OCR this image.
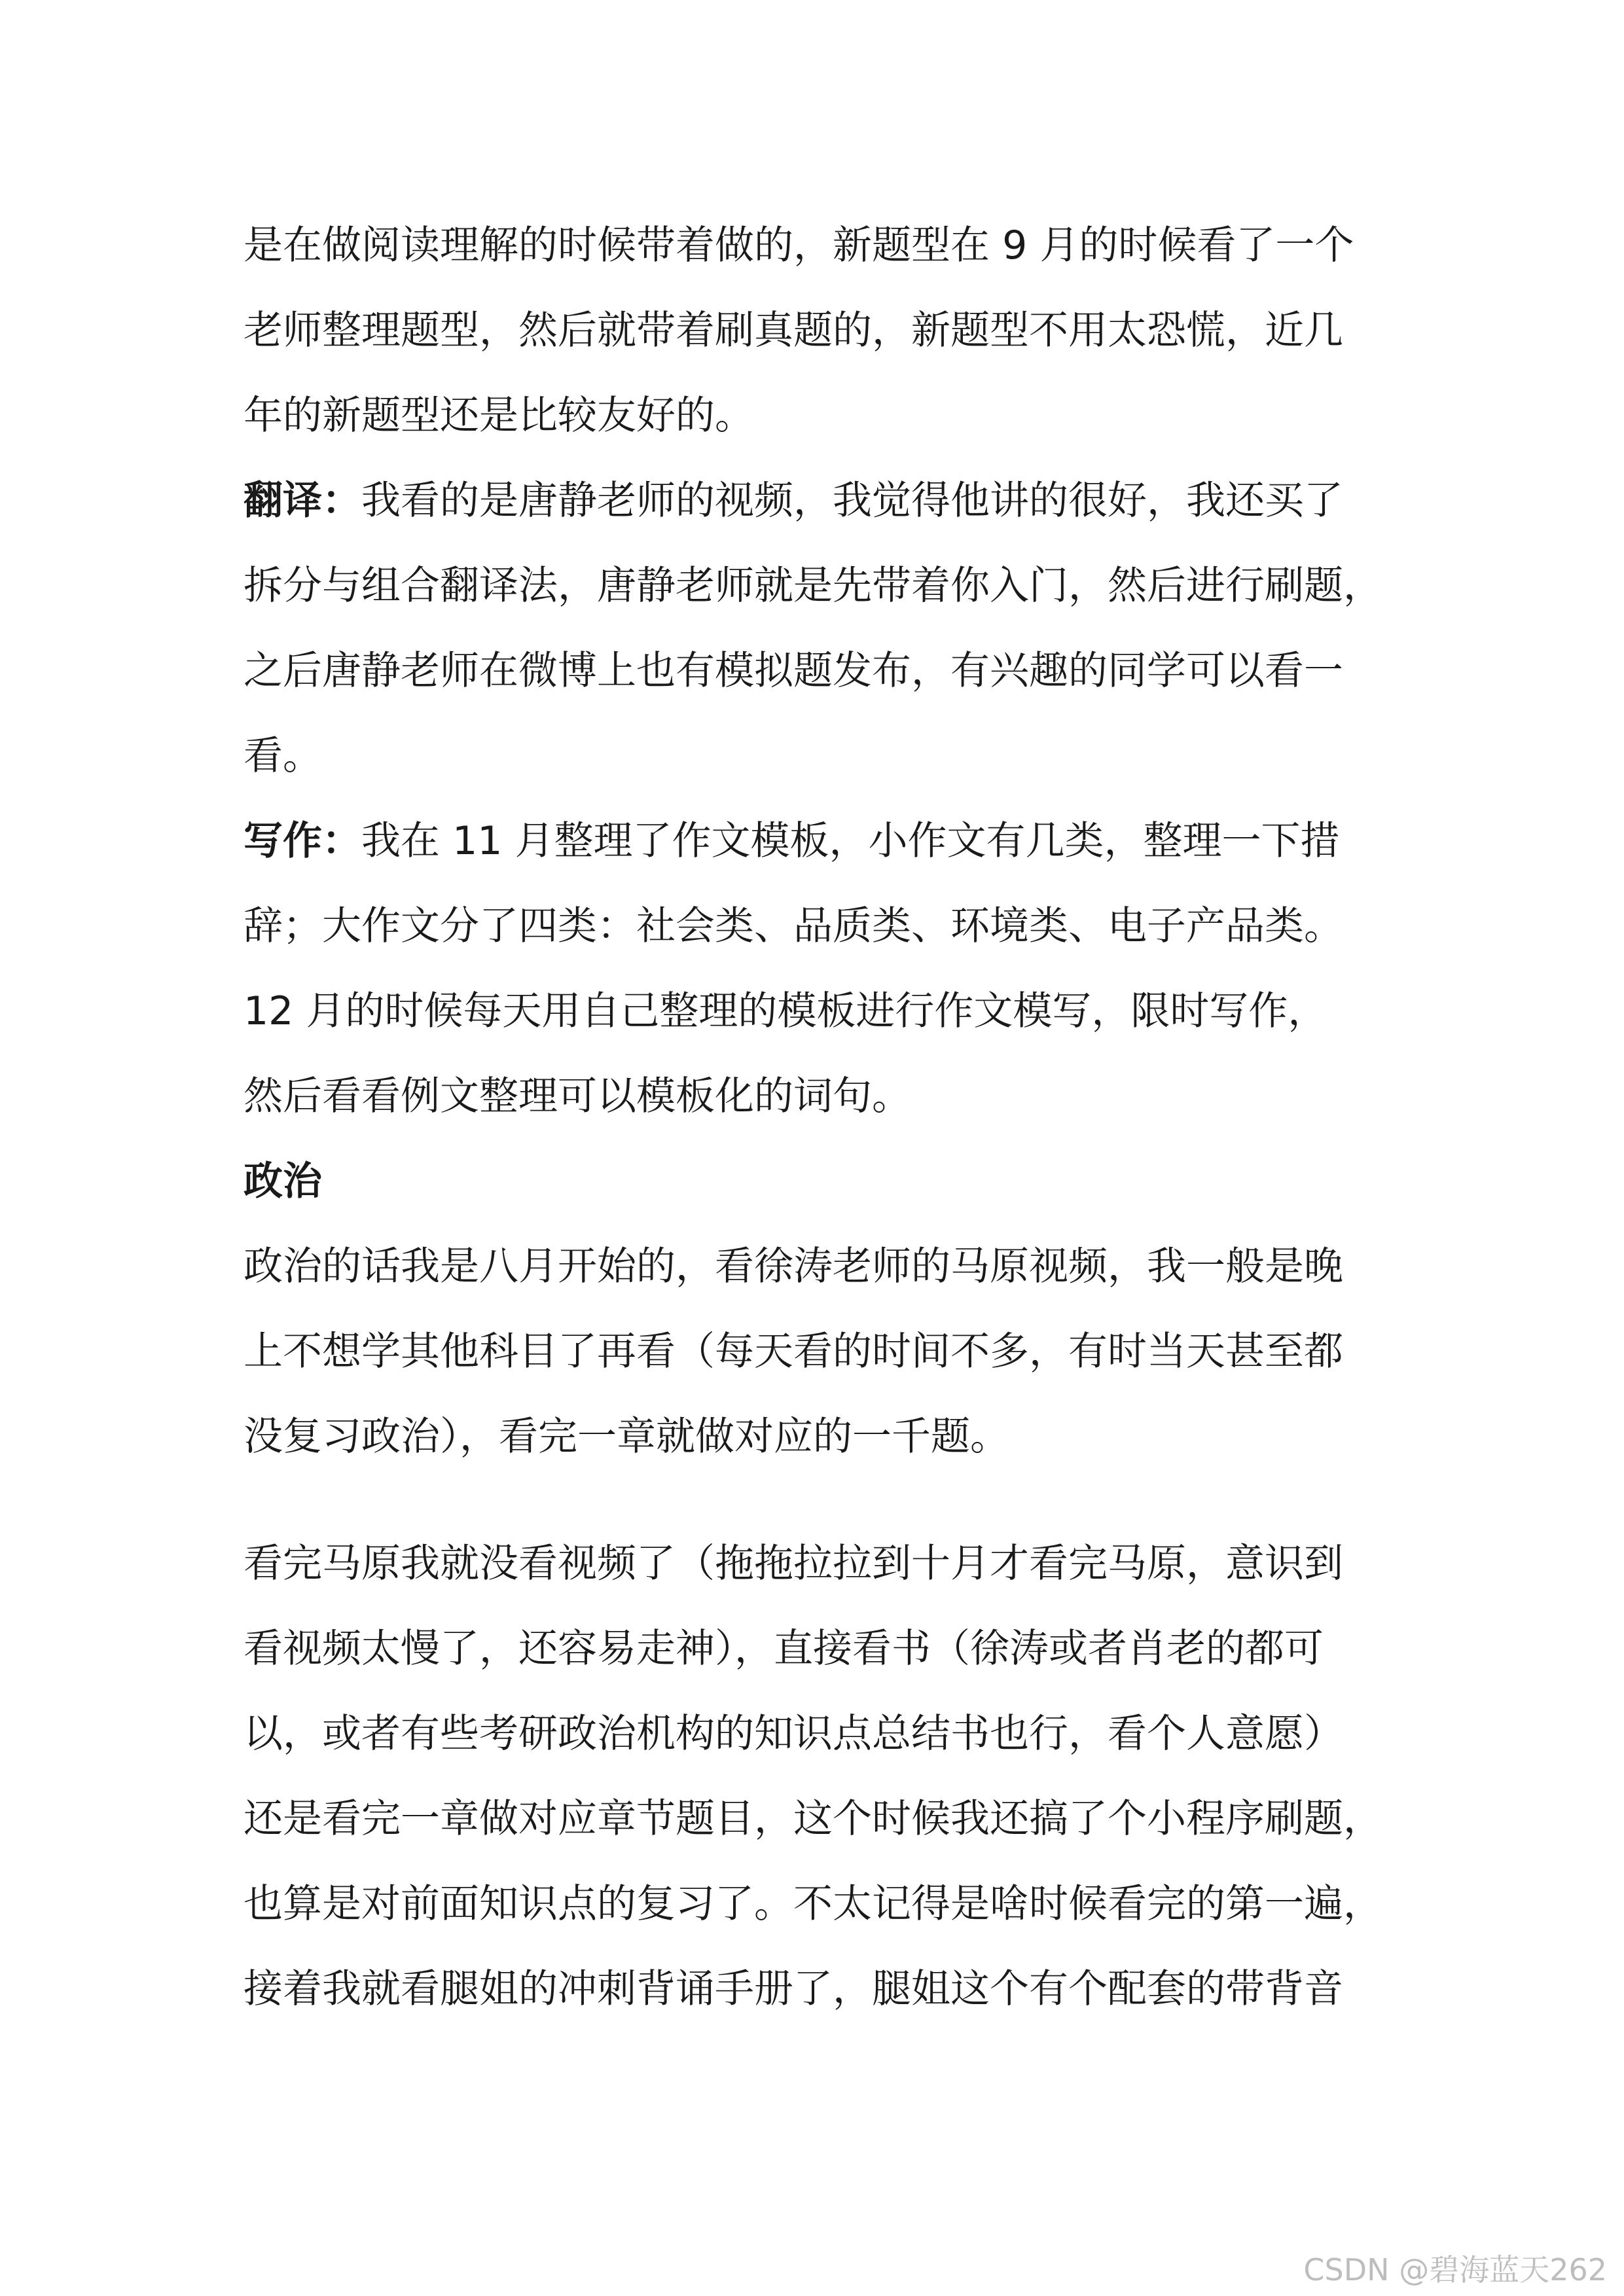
是在做阅读理解的时候带着做的，新题型在 9 月的时候看了一个
老师整理题型，然后就带着刷真题的，新题型不用太恐慌，近几
年的新题型还是比较友好的。
翻译：我看的是唐静老师的视频，我觉得他讲的很好，我还买了
拆分与组合翻译法，唐静老师就是先带着你入门，然后进行刷题，
之后唐静老师在微博上也有模拟题发布，有兴趣的同学可以看一
看。
写作：我在 11 月整理了作文模板，小作文有几类，整理一下措
辞；大作文分了四类：社会类、品质类、环境类、电子产品类。
12 月的时候每天用自己整理的模板进行作文模写，限时写作，
然后看看例文整理可以模板化的词句。
政治
政治的话我是八月开始的，看徐涛老师的马原视频，我一般是晚
上不想学其他科目了再看（每天看的时间不多，有时当天甚至都
没复习政治），看完一章就做对应的一千题。
看完马原我就没看视频了（拖拖拉拉到十月才看完马原，意识到
看视频太慢了，还容易走神），直接看书（徐涛或者肖老的都可
以，或者有些考研政治机构的知识点总结书也行，看个人意愿）
还是看完一章做对应章节题目，这个时候我还搞了个小程序刷题，
也算是对前面知识点的复习了。不太记得是啥时候看完的第一遍，
接着我就看腿姐的冲刺背诵手册了，腿姐这个有个配套的带背音
CSDN @碧海蓝天262
